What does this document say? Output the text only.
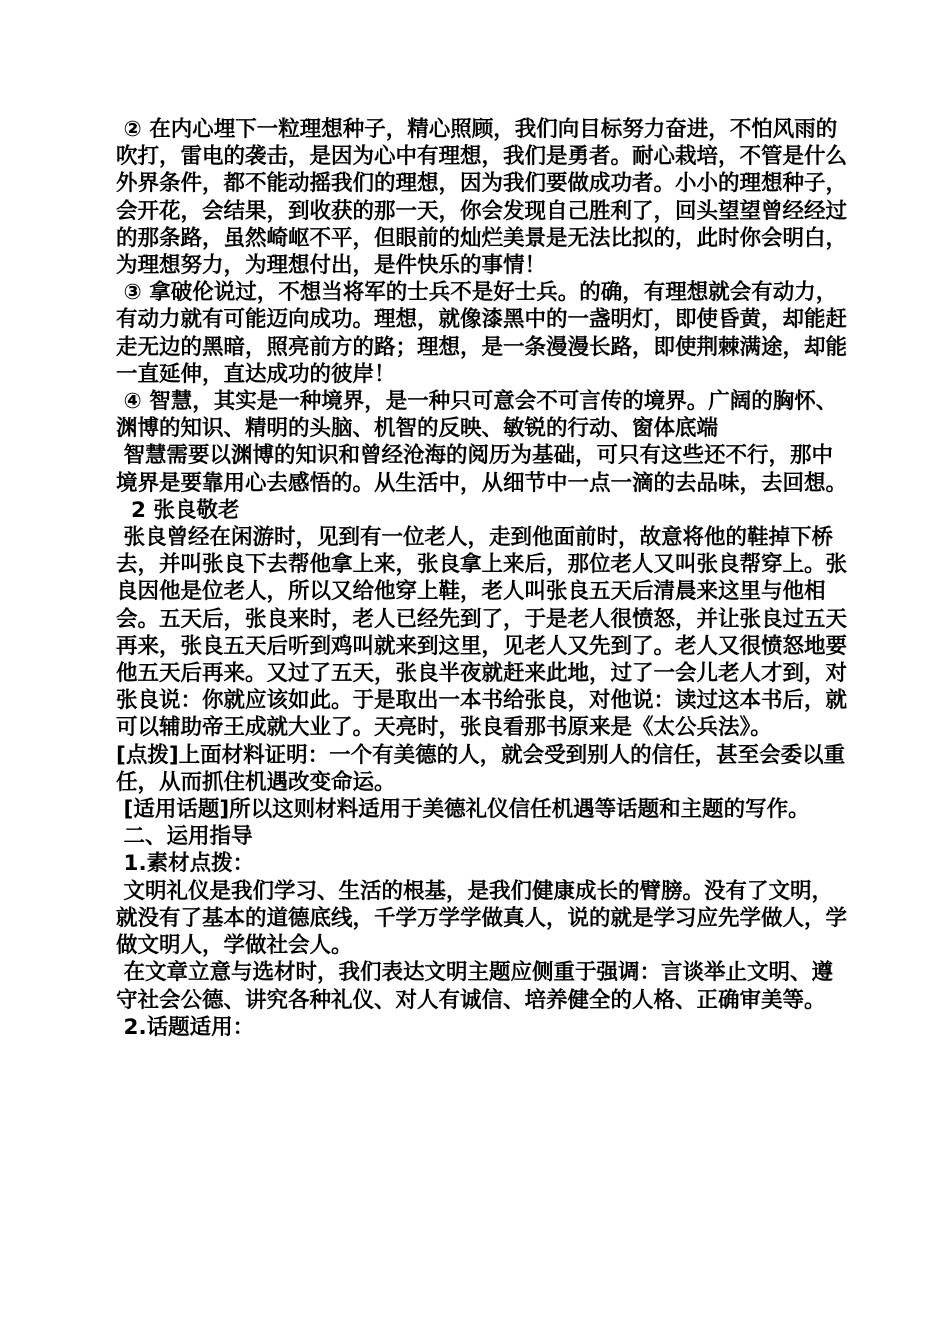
② 在内心埋下一粒理想种子，精心照顾，我们向目标努力奋进，不怕风雨的吹打，雷电的袭击，是因为心中有理想，我们是勇者。耐心栽培，不管是什么外界条件，都不能动摇我们的理想，因为我们要做成功者。小小的理想种子，会开花，会结果，到收获的那一天，你会发现自己胜利了，回头望望曾经经过的那条路，虽然崎岖不平，但眼前的灿烂美景是无法比拟的，此时你会明白，为理想努力，为理想付出，是件快乐的事情！

③ 拿破伦说过，不想当将军的士兵不是好士兵。的确，有理想就会有动力，有动力就有可能迈向成功。理想，就像漆黑中的一盏明灯，即使昏黄，却能赶走无边的黑暗，照亮前方的路；理想，是一条漫漫长路，即使荆棘满途，却能一直延伸，直达成功的彼岸！

④ 智慧，其实是一种境界，是一种只可意会不可言传的境界。广阔的胸怀、渊博的知识、精明的头脑、机智的反映、敏锐的行动、窗体底端

智慧需要以渊博的知识和曾经沧海的阅历为基础，可只有这些还不行，那中境界是要靠用心去感悟的。从生活中，从细节中一点一滴的去品味，去回想。

2 张良敬老

张良曾经在闲游时，见到有一位老人，走到他面前时，故意将他的鞋掉下桥去，并叫张良下去帮他拿上来，张良拿上来后，那位老人又叫张良帮穿上。张良因他是位老人，所以又给他穿上鞋，老人叫张良五天后清晨来这里与他相会。五天后，张良来时，老人已经先到了，于是老人很愤怒，并让张良过五天再来，张良五天后听到鸡叫就来到这里，见老人又先到了。老人又很愤怒地要他五天后再来。又过了五天，张良半夜就赶来此地，过了一会儿老人才到，对张良说：你就应该如此。于是取出一本书给张良，对他说：读过这本书后，就可以辅助帝王成就大业了。天亮时，张良看那书原来是《太公兵法》。

[点拨]上面材料证明：一个有美德的人，就会受到别人的信任，甚至会委以重任，从而抓住机遇改变命运。

[适用话题]所以这则材料适用于美德礼仪信任机遇等话题和主题的写作。

二、运用指导

1.素材点拨：

文明礼仪是我们学习、生活的根基，是我们健康成长的臂膀。没有了文明，就没有了基本的道德底线，千学万学学做真人，说的就是学习应先学做人，学做文明人，学做社会人。

在文章立意与选材时，我们表达文明主题应侧重于强调：言谈举止文明、遵守社会公德、讲究各种礼仪、对人有诚信、培养健全的人格、正确审美等。

2.话题适用：
